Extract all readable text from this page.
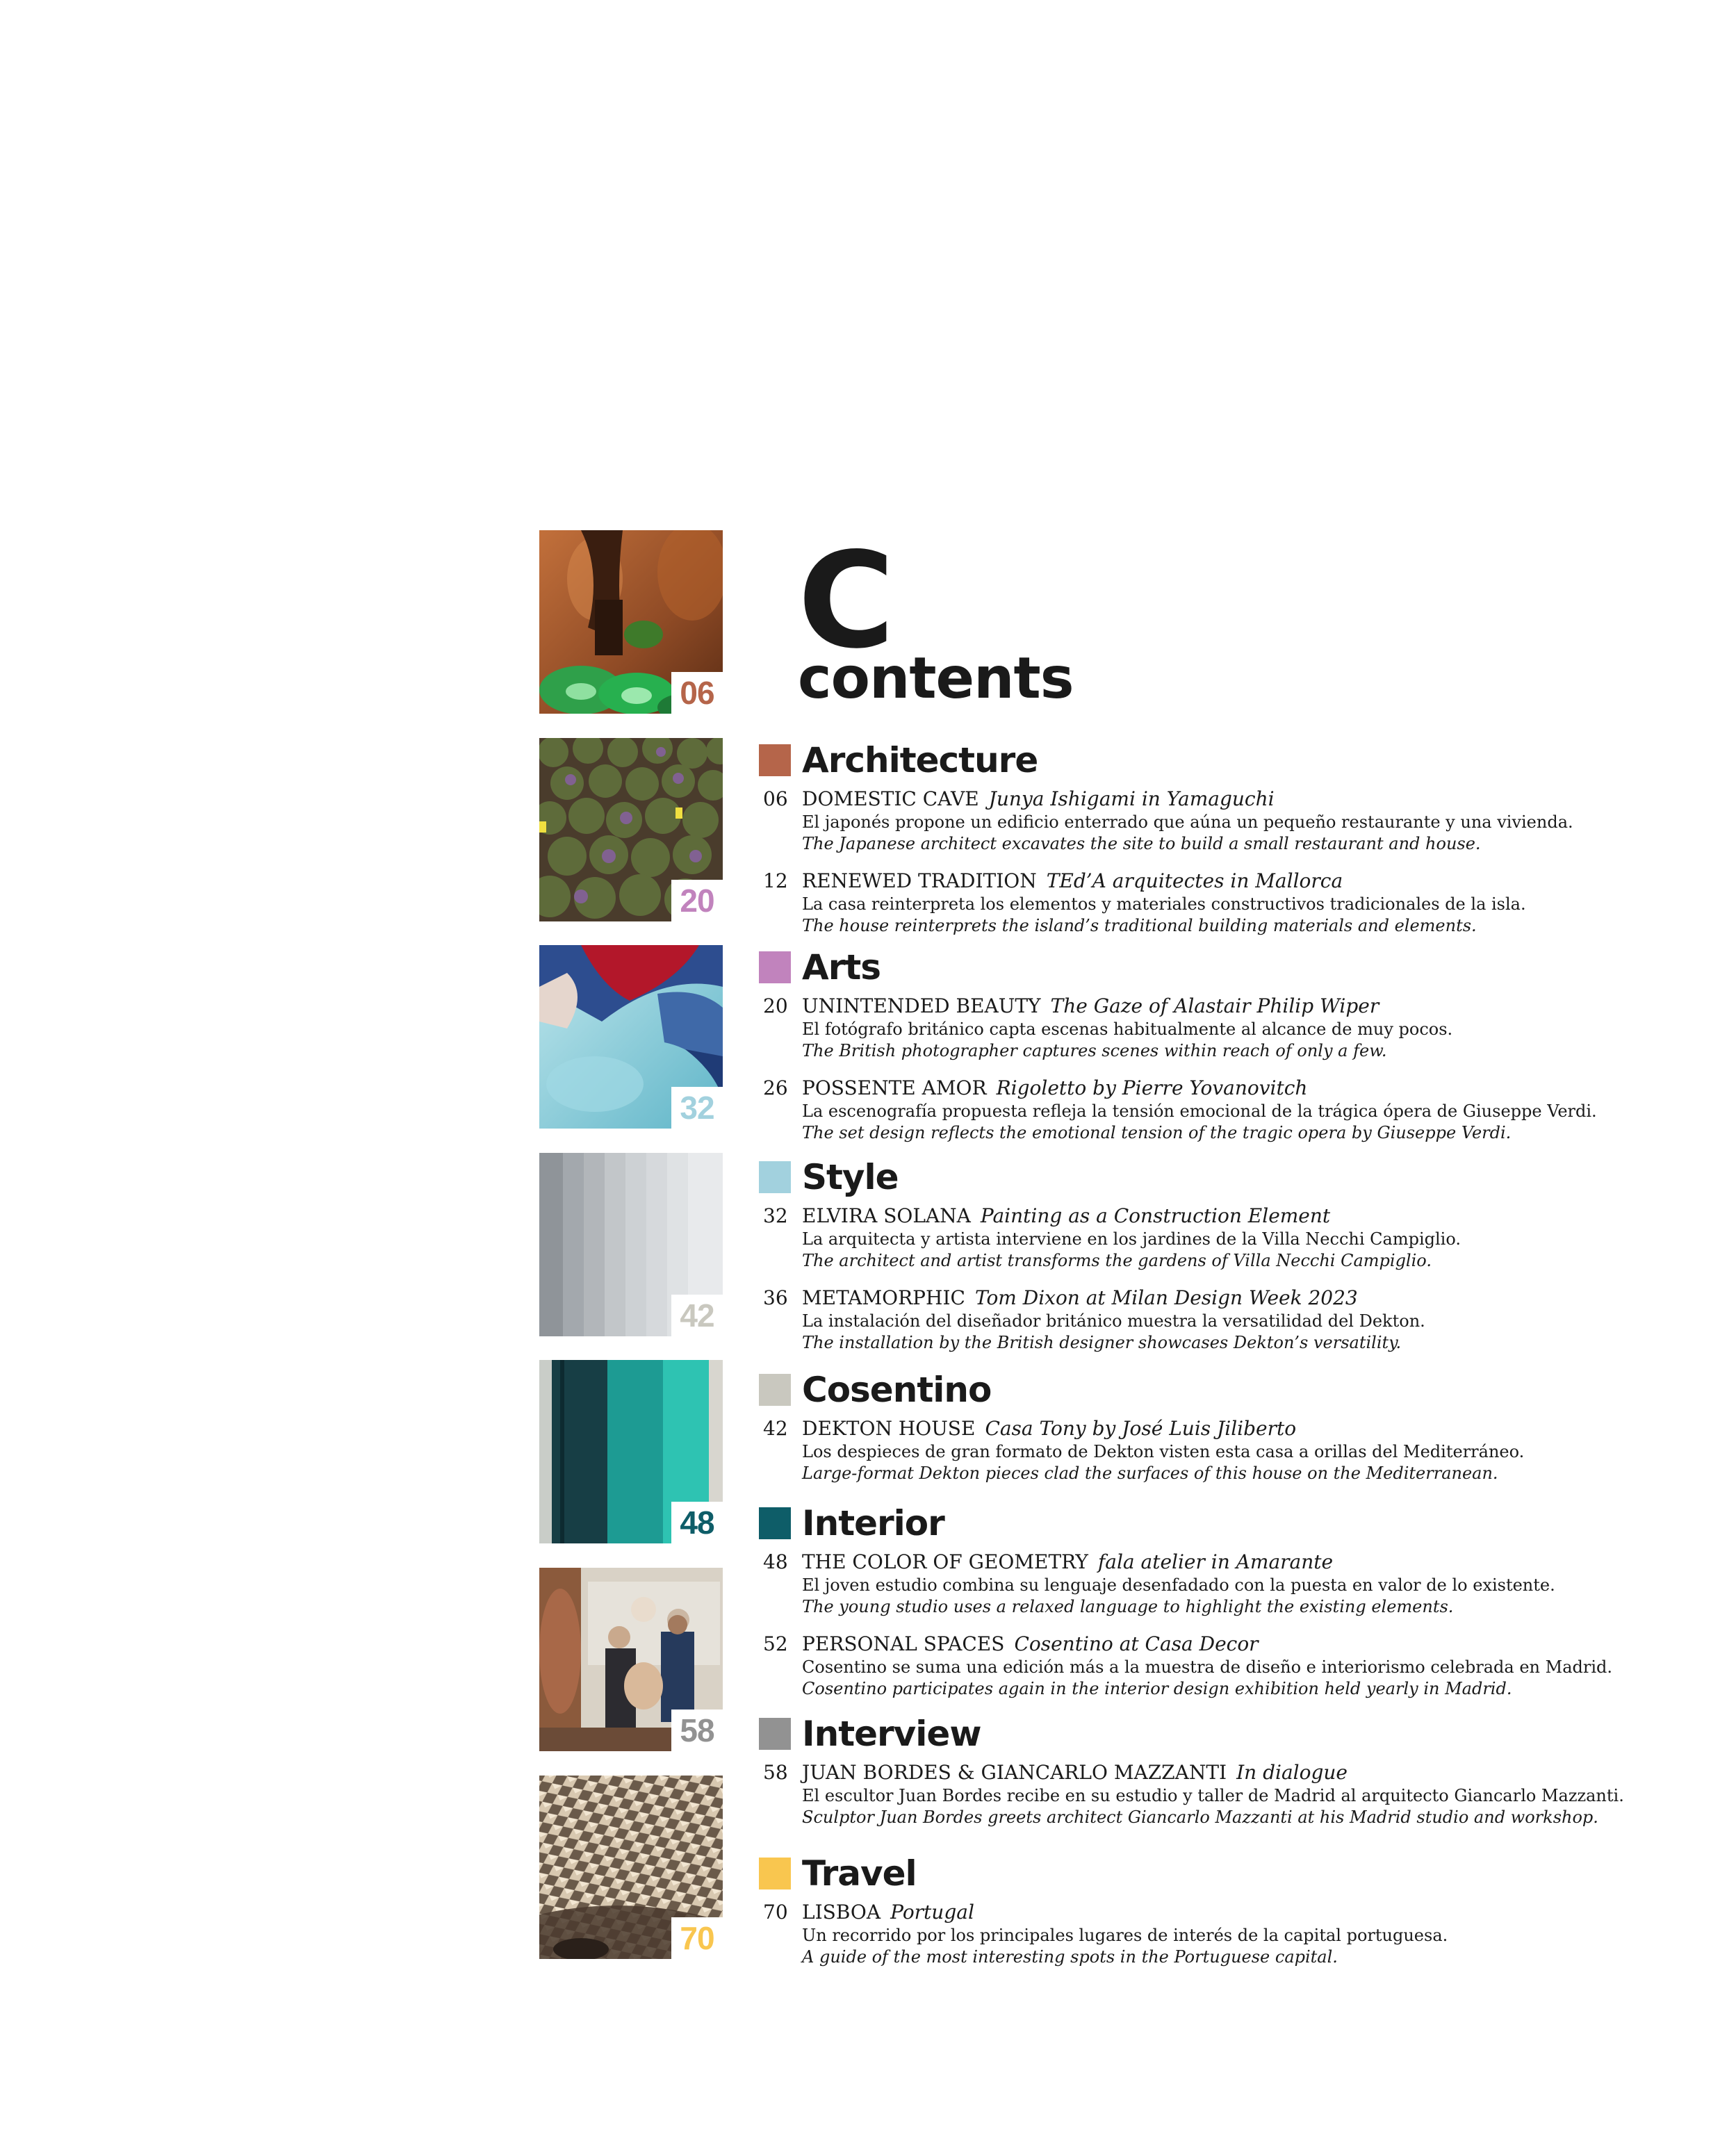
06
20
32
42
48
58
70
C
contents
Architecture
06 DOMESTIC CAVE Junya Ishigami in Yamaguchi
El japonés propone un edificio enterrado que aúna un pequeño restaurante y una vivienda.
The Japanese architect excavates the site to build a small restaurant and house.
12 RENEWED TRADITION TEd’A arquitectes in Mallorca
La casa reinterpreta los elementos y materiales constructivos tradicionales de la isla.
The house reinterprets the island’s traditional building materials and elements.
Arts
20 UNINTENDED BEAUTY The Gaze of Alastair Philip Wiper
El fotógrafo británico capta escenas habitualmente al alcance de muy pocos.
The British photographer captures scenes within reach of only a few.
26 POSSENTE AMOR Rigoletto by Pierre Yovanovitch
La escenografía propuesta refleja la tensión emocional de la trágica ópera de Giuseppe Verdi.
The set design reflects the emotional tension of the tragic opera by Giuseppe Verdi.
Style
32 ELVIRA SOLANA Painting as a Construction Element
La arquitecta y artista interviene en los jardines de la Villa Necchi Campiglio.
The architect and artist transforms the gardens of Villa Necchi Campiglio.
36 METAMORPHIC Tom Dixon at Milan Design Week 2023
La instalación del diseñador británico muestra la versatilidad del Dekton.
The installation by the British designer showcases Dekton’s versatility.
Cosentino
42 DEKTON HOUSE Casa Tony by José Luis Jiliberto
Los despieces de gran formato de Dekton visten esta casa a orillas del Mediterráneo.
Large-format Dekton pieces clad the surfaces of this house on the Mediterranean.
Interior
48 THE COLOR OF GEOMETRY fala atelier in Amarante
El joven estudio combina su lenguaje desenfadado con la puesta en valor de lo existente.
The young studio uses a relaxed language to highlight the existing elements.
52 PERSONAL SPACES Cosentino at Casa Decor
Cosentino se suma una edición más a la muestra de diseño e interiorismo celebrada en Madrid.
Cosentino participates again in the interior design exhibition held yearly in Madrid.
Interview
58 JUAN BORDES & GIANCARLO MAZZANTI In dialogue
El escultor Juan Bordes recibe en su estudio y taller de Madrid al arquitecto Giancarlo Mazzanti.
Sculptor Juan Bordes greets architect Giancarlo Mazzanti at his Madrid studio and workshop.
Travel
70 LISBOA Portugal
Un recorrido por los principales lugares de interés de la capital portuguesa.
A guide of the most interesting spots in the Portuguese capital.
